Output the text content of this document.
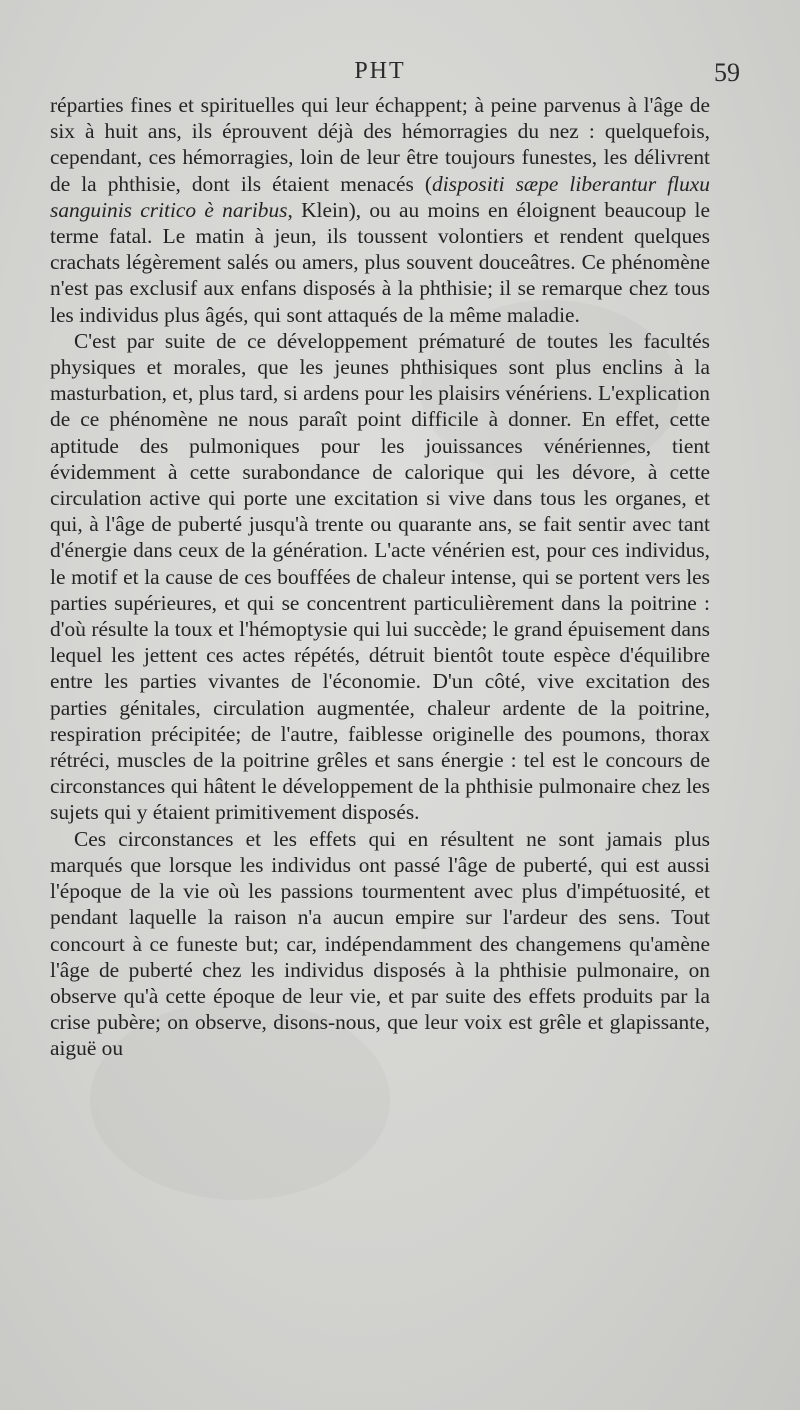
PHT	59

réparties fines et spirituelles qui leur échappent; à peine parvenus à l'âge de six à huit ans, ils éprouvent déjà des hémorragies du nez : quelquefois, cependant, ces hémorragies, loin de leur être toujours funestes, les délivrent de la phthisie, dont ils étaient menacés (dispositi sæpe liberantur fluxu sanguinis critico è naribus, Klein), ou au moins en éloignent beaucoup le terme fatal. Le matin à jeun, ils toussent volontiers et rendent quelques crachats légèrement salés ou amers, plus souvent douceâtres. Ce phénomène n'est pas exclusif aux enfans disposés à la phthisie; il se remarque chez tous les individus plus âgés, qui sont attaqués de la même maladie.

C'est par suite de ce développement prématuré de toutes les facultés physiques et morales, que les jeunes phthisiques sont plus enclins à la masturbation, et, plus tard, si ardens pour les plaisirs vénériens. L'explication de ce phénomène ne nous paraît point difficile à donner. En effet, cette aptitude des pulmoniques pour les jouissances vénériennes, tient évidemment à cette surabondance de calorique qui les dévore, à cette circulation active qui porte une excitation si vive dans tous les organes, et qui, à l'âge de puberté jusqu'à trente ou quarante ans, se fait sentir avec tant d'énergie dans ceux de la génération. L'acte vénérien est, pour ces individus, le motif et la cause de ces bouffées de chaleur intense, qui se portent vers les parties supérieures, et qui se concentrent particulièrement dans la poitrine : d'où résulte la toux et l'hémoptysie qui lui succède; le grand épuisement dans lequel les jettent ces actes répétés, détruit bientôt toute espèce d'équilibre entre les parties vivantes de l'économie. D'un côté, vive excitation des parties génitales, circulation augmentée, chaleur ardente de la poitrine, respiration précipitée; de l'autre, faiblesse originelle des poumons, thorax rétréci, muscles de la poitrine grêles et sans énergie : tel est le concours de circonstances qui hâtent le développement de la phthisie pulmonaire chez les sujets qui y étaient primitivement disposés.

Ces circonstances et les effets qui en résultent ne sont jamais plus marqués que lorsque les individus ont passé l'âge de puberté, qui est aussi l'époque de la vie où les passions tourmentent avec plus d'impétuosité, et pendant laquelle la raison n'a aucun empire sur l'ardeur des sens. Tout concourt à ce funeste but; car, indépendamment des changemens qu'amène l'âge de puberté chez les individus disposés à la phthisie pulmonaire, on observe qu'à cette époque de leur vie, et par suite des effets produits par la crise pubère; on observe, disons-nous, que leur voix est grêle et glapissante, aiguë ou
